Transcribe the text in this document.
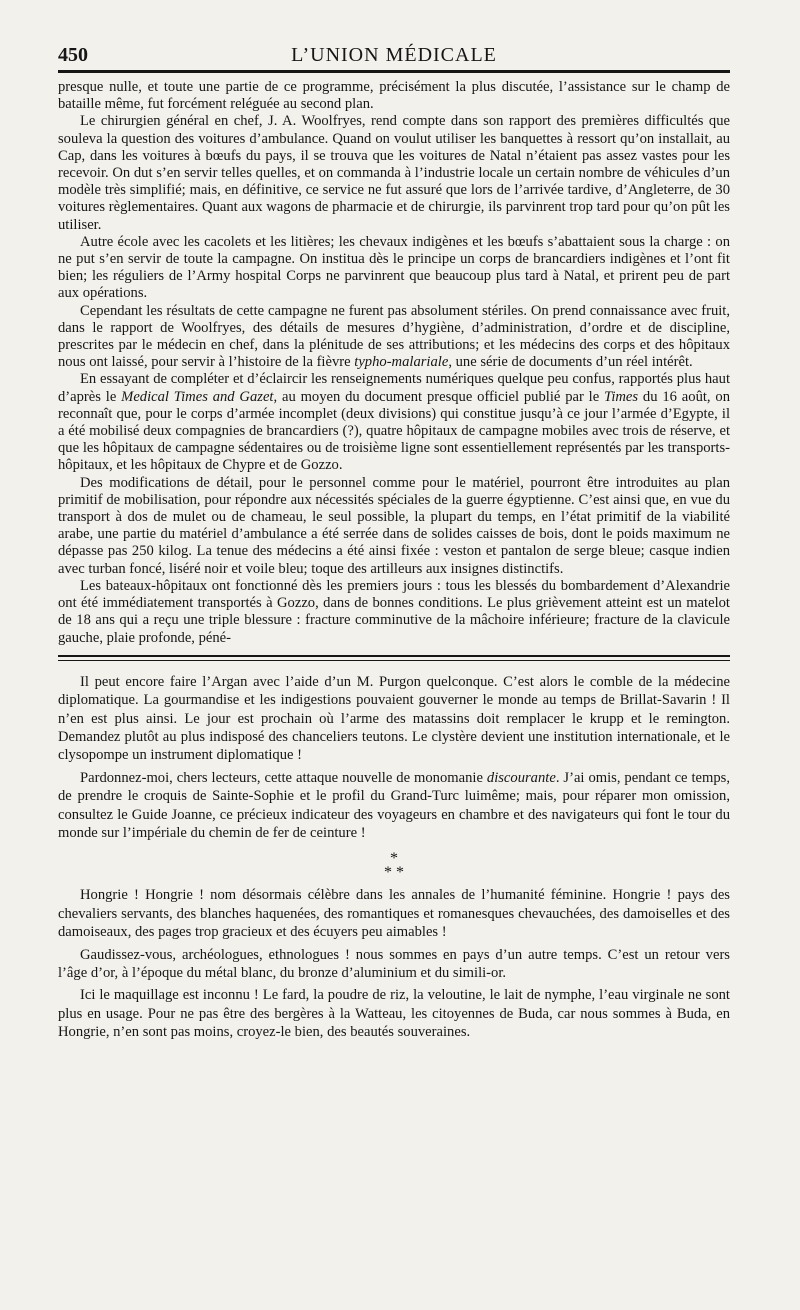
450	L’UNION MÉDICALE

presque nulle, et toute une partie de ce programme, précisément la plus discutée, l’assistance sur le champ de bataille même, fut forcément reléguée au second plan.

Le chirurgien général en chef, J. A. Woolfryes, rend compte dans son rapport des premières difficultés que souleva la question des voitures d’ambulance. Quand on voulut utiliser les banquettes à ressort qu’on installait, au Cap, dans les voitures à bœufs du pays, il se trouva que les voitures de Natal n’étaient pas assez vastes pour les recevoir. On dut s’en servir telles quelles, et on commanda à l’industrie locale un certain nombre de véhicules d’un modèle très simplifié; mais, en définitive, ce service ne fut assuré que lors de l’arrivée tardive, d’Angleterre, de 30 voitures règlementaires. Quant aux wagons de pharmacie et de chirurgie, ils parvinrent trop tard pour qu’on pût les utiliser.

Autre école avec les cacolets et les litières; les chevaux indigènes et les bœufs s’abattaient sous la charge : on ne put s’en servir de toute la campagne. On institua dès le principe un corps de brancardiers indigènes et l’ont fit bien; les réguliers de l’Army hospital Corps ne parvinrent que beaucoup plus tard à Natal, et prirent peu de part aux opérations.

Cependant les résultats de cette campagne ne furent pas absolument stériles. On prend connaissance avec fruit, dans le rapport de Woolfryes, des détails de mesures d’hygiène, d’administration, d’ordre et de discipline, prescrites par le médecin en chef, dans la plénitude de ses attributions; et les médecins des corps et des hôpitaux nous ont laissé, pour servir à l’histoire de la fièvre typho-malariale, une série de documents d’un réel intérêt.

En essayant de compléter et d’éclaircir les renseignements numériques quelque peu confus, rapportés plus haut d’après le Medical Times and Gazet, au moyen du document presque officiel publié par le Times du 16 août, on reconnaît que, pour le corps d’armée incomplet (deux divisions) qui constitue jusqu’à ce jour l’armée d’Egypte, il a été mobilisé deux compagnies de brancardiers (?), quatre hôpitaux de campagne mobiles avec trois de réserve, et que les hôpitaux de campagne sédentaires ou de troisième ligne sont essentiellement représentés par les transports-hôpitaux, et les hôpitaux de Chypre et de Gozzo.

Des modifications de détail, pour le personnel comme pour le matériel, pourront être introduites au plan primitif de mobilisation, pour répondre aux nécessités spéciales de la guerre égyptienne. C’est ainsi que, en vue du transport à dos de mulet ou de chameau, le seul possible, la plupart du temps, en l’état primitif de la viabilité arabe, une partie du matériel d’ambulance a été serrée dans de solides caisses de bois, dont le poids maximum ne dépasse pas 250 kilog. La tenue des médecins a été ainsi fixée : veston et pantalon de serge bleue; casque indien avec turban foncé, liséré noir et voile bleu; toque des artilleurs aux insignes distinctifs.

Les bateaux-hôpitaux ont fonctionné dès les premiers jours : tous les blessés du bombardement d’Alexandrie ont été immédiatement transportés à Gozzo, dans de bonnes conditions. Le plus grièvement atteint est un matelot de 18 ans qui a reçu une triple blessure : fracture comminutive de la mâchoire inférieure; fracture de la clavicule gauche, plaie profonde, péné-

Il peut encore faire l’Argan avec l’aide d’un M. Purgon quelconque. C’est alors le comble de la médecine diplomatique. La gourmandise et les indigestions pouvaient gouverner le monde au temps de Brillat-Savarin ! Il n’en est plus ainsi. Le jour est prochain où l’arme des matassins doit remplacer le krupp et le remington. Demandez plutôt au plus indisposé des chanceliers teutons. Le clystère devient une institution internationale, et le clysopompe un instrument diplomatique !

Pardonnez-moi, chers lecteurs, cette attaque nouvelle de monomanie discourante. J’ai omis, pendant ce temps, de prendre le croquis de Sainte-Sophie et le profil du Grand-Turc luimême; mais, pour réparer mon omission, consultez le Guide Joanne, ce précieux indicateur des voyageurs en chambre et des navigateurs qui font le tour du monde sur l’impériale du chemin de fer de ceinture !

*
* *

Hongrie ! Hongrie ! nom désormais célèbre dans les annales de l’humanité féminine. Hongrie ! pays des chevaliers servants, des blanches haquenées, des romantiques et romanesques chevauchées, des damoiselles et des damoiseaux, des pages trop gracieux et des écuyers peu aimables !

Gaudissez-vous, archéologues, ethnologues ! nous sommes en pays d’un autre temps. C’est un retour vers l’âge d’or, à l’époque du métal blanc, du bronze d’aluminium et du simili-or.

Ici le maquillage est inconnu ! Le fard, la poudre de riz, la veloutine, le lait de nymphe, l’eau virginale ne sont plus en usage. Pour ne pas être des bergères à la Watteau, les citoyennes de Buda, car nous sommes à Buda, en Hongrie, n’en sont pas moins, croyez-le bien, des beautés souveraines.
